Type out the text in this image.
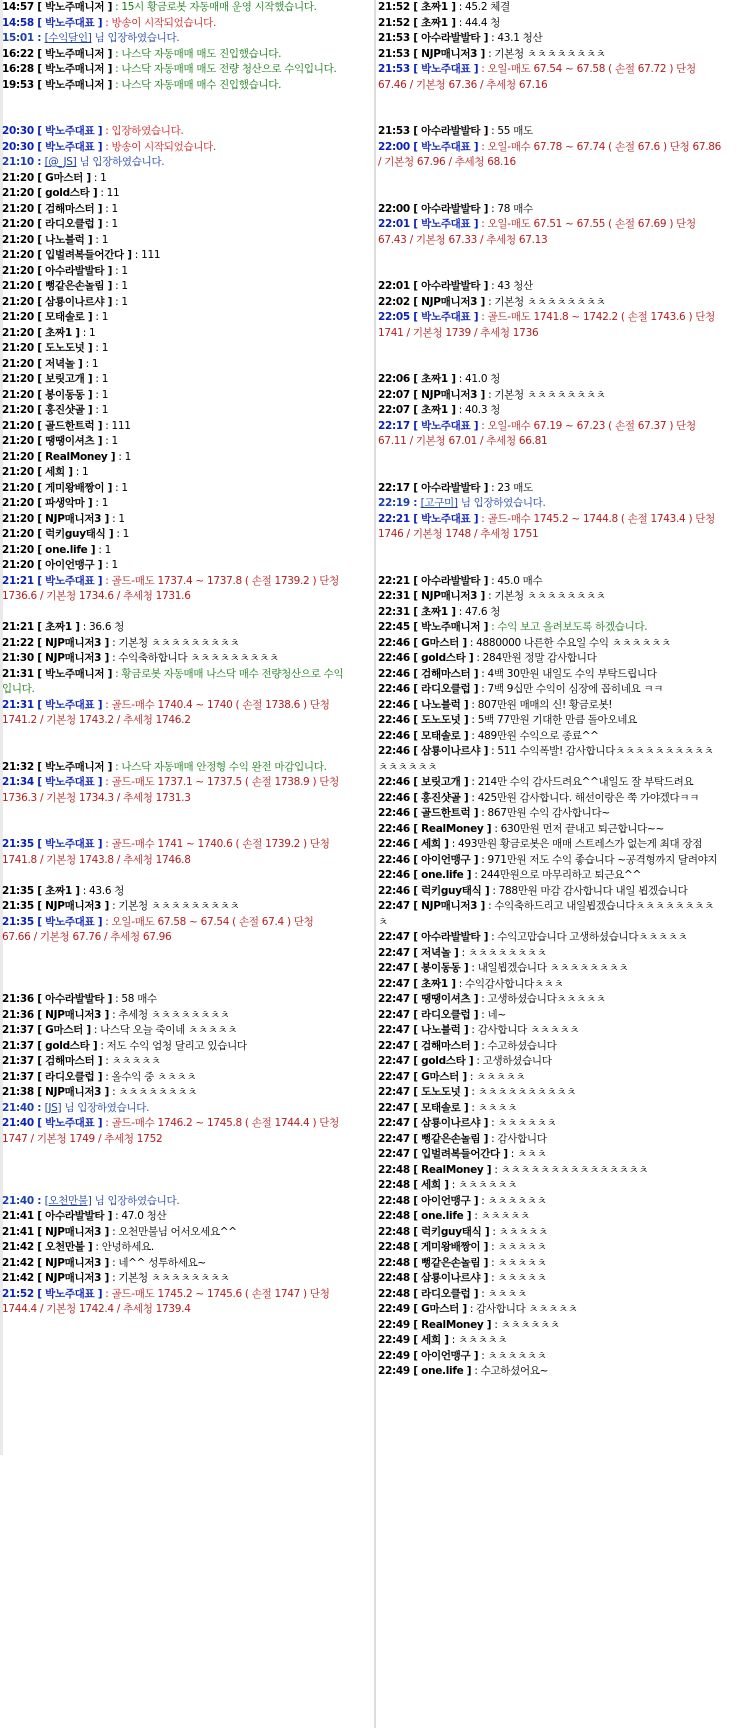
14:57 [ 박노주매니저 ] : 15시 황금로봇 자동매매 운영 시작했습니다.
14:58 [ 박노주대표 ] : 방송이 시작되었습니다.
15:01 : [수익달인] 님 입장하였습니다.
16:22 [ 박노주매니저 ] : 나스닥 자동매매 매도 진입했습니다.
16:28 [ 박노주매니저 ] : 나스닥 자동매매 매도 전량 청산으로 수익입니다.
19:53 [ 박노주매니저 ] : 나스닥 자동매매 매수 진입했습니다.
20:30 [ 박노주대표 ] : 입장하였습니다.
20:30 [ 박노주대표 ] : 방송이 시작되었습니다.
21:10 : [@_JS] 님 입장하였습니다.
21:20 [ G마스터 ] : 1
21:20 [ gold스타 ] : 11
21:20 [ 검해마스터 ] : 1
21:20 [ 라디오클럽 ] : 1
21:20 [ 나노블럭 ] : 1
21:20 [ 입벌려복들어간다 ] : 111
21:20 [ 아수라발발타 ] : 1
21:20 [ 뻥같은손놀림 ] : 1
21:20 [ 삼룡이나르샤 ] : 1
21:20 [ 모태솔로 ] : 1
21:20 [ 초짜1 ] : 1
21:20 [ 도노도넛 ] : 1
21:20 [ 저녁놀 ] : 1
21:20 [ 보릿고개 ] : 1
21:20 [ 봉이동동 ] : 1
21:20 [ 홍진샷골 ] : 1
21:20 [ 골드한트럭 ] : 111
21:20 [ 땡땡이셔츠 ] : 1
21:20 [ RealMoney ] : 1
21:20 [ 세희 ] : 1
21:20 [ 게미왕배짱이 ] : 1
21:20 [ 파생악마 ] : 1
21:20 [ NJP매니저3 ] : 1
21:20 [ 럭키guy태식 ] : 1
21:20 [ one.life ] : 1
21:20 [ 아이언맹구 ] : 1
21:21 [ 박노주대표 ] : 골드-매도 1737.4 ~ 1737.8 ( 손절 1739.2 ) 단청 1736.6 / 기본청 1734.6 / 추세청 1731.6
21:21 [ 초짜1 ] : 36.6 청
21:22 [ NJP매니저3 ] : 기본청 ㅊㅊㅊㅊㅊㅊㅊㅊㅊ
21:30 [ NJP매니저3 ] : 수익축하합니다 ㅊㅊㅊㅊㅊㅊㅊㅊㅊ
21:31 [ 박노주매니저 ] : 황금로봇 자동매매 나스닥 매수 전량청산으로 수익입니다.
21:31 [ 박노주대표 ] : 골드-매수 1740.4 ~ 1740 ( 손절 1738.6 ) 단청 1741.2 / 기본청 1743.2 / 추세청 1746.2
21:32 [ 박노주매니저 ] : 나스닥 자동매매 안정형 수익 완전 마감입니다.
21:34 [ 박노주대표 ] : 골드-매도 1737.1 ~ 1737.5 ( 손절 1738.9 ) 단청 1736.3 / 기본청 1734.3 / 추세청 1731.3
21:35 [ 박노주대표 ] : 골드-매수 1741 ~ 1740.6 ( 손절 1739.2 ) 단청 1741.8 / 기본청 1743.8 / 추세청 1746.8
21:35 [ 초짜1 ] : 43.6 청
21:35 [ NJP매니저3 ] : 기본청 ㅊㅊㅊㅊㅊㅊㅊㅊㅊ
21:35 [ 박노주대표 ] : 오일-매도 67.58 ~ 67.54 ( 손절 67.4 ) 단청 67.66 / 기본청 67.76 / 추세청 67.96
21:36 [ 아수라발발타 ] : 58 매수
21:36 [ NJP매니저3 ] : 추세청 ㅊㅊㅊㅊㅊㅊㅊㅊ
21:37 [ G마스터 ] : 나스닥 오늘 죽이네 ㅊㅊㅊㅊㅊ
21:37 [ gold스타 ] : 저도 수익 엄청 달리고 있습니다
21:37 [ 검해마스터 ] : ㅊㅊㅊㅊㅊ
21:37 [ 라디오클럽 ] : 올수익 중 ㅊㅊㅊㅊ
21:38 [ NJP매니저3 ] : ㅊㅊㅊㅊㅊㅊㅊㅊ
21:40 : [JS] 님 입장하였습니다.
21:40 [ 박노주대표 ] : 골드-매수 1746.2 ~ 1745.8 ( 손절 1744.4 ) 단청 1747 / 기본청 1749 / 추세청 1752
21:40 : [오천만불] 님 입장하였습니다.
21:41 [ 아수라발발타 ] : 47.0 청산
21:41 [ NJP매니저3 ] : 오천만불님 어서오세요^^
21:42 [ 오천만불 ] : 안녕하세요.
21:42 [ NJP매니저3 ] : 네^^ 성투하세요~
21:42 [ NJP매니저3 ] : 기본청 ㅊㅊㅊㅊㅊㅊㅊㅊ
21:52 [ 박노주대표 ] : 골드-매도 1745.2 ~ 1745.6 ( 손절 1747 ) 단청 1744.4 / 기본청 1742.4 / 추세청 1739.4
21:52 [ 초짜1 ] : 45.2 체결
21:52 [ 초짜1 ] : 44.4 청
21:53 [ 아수라발발타 ] : 43.1 청산
21:53 [ NJP매니저3 ] : 기본청 ㅊㅊㅊㅊㅊㅊㅊㅊ
21:53 [ 박노주대표 ] : 오일-매도 67.54 ~ 67.58 ( 손절 67.72 ) 단청 67.46 / 기본청 67.36 / 추세청 67.16
21:53 [ 아수라발발타 ] : 55 매도
22:00 [ 박노주대표 ] : 오일-매수 67.78 ~ 67.74 ( 손절 67.6 ) 단청 67.86 / 기본청 67.96 / 추세청 68.16
22:00 [ 아수라발발타 ] : 78 매수
22:01 [ 박노주대표 ] : 오일-매도 67.51 ~ 67.55 ( 손절 67.69 ) 단청 67.43 / 기본청 67.33 / 추세청 67.13
22:01 [ 아수라발발타 ] : 43 청산
22:02 [ NJP매니저3 ] : 기본청 ㅊㅊㅊㅊㅊㅊㅊㅊ
22:05 [ 박노주대표 ] : 골드-매도 1741.8 ~ 1742.2 ( 손절 1743.6 ) 단청 1741 / 기본청 1739 / 추세청 1736
22:06 [ 초짜1 ] : 41.0 청
22:07 [ NJP매니저3 ] : 기본청 ㅊㅊㅊㅊㅊㅊㅊㅊ
22:07 [ 초짜1 ] : 40.3 청
22:17 [ 박노주대표 ] : 오일-매수 67.19 ~ 67.23 ( 손절 67.37 ) 단청 67.11 / 기본청 67.01 / 추세청 66.81
22:17 [ 아수라발발타 ] : 23 매도
22:19 : [고구미] 님 입장하였습니다.
22:21 [ 박노주대표 ] : 골드-매수 1745.2 ~ 1744.8 ( 손절 1743.4 ) 단청 1746 / 기본청 1748 / 추세청 1751
22:21 [ 아수라발발타 ] : 45.0 매수
22:31 [ NJP매니저3 ] : 기본청 ㅊㅊㅊㅊㅊㅊㅊㅊ
22:31 [ 초짜1 ] : 47.6 청
22:45 [ 박노주매니저 ] : 수익 보고 올려보도록 하겠습니다.
22:46 [ G마스터 ] : 4880000 나른한 수요일 수익 ㅊㅊㅊㅊㅊㅊ
22:46 [ gold스타 ] : 284만원 정말 감사합니다
22:46 [ 검해마스터 ] : 4백 30만원 내일도 수익 부탁드립니다
22:46 [ 라디오클럽 ] : 7백 9십만 수익이 심장에 꼽히네요 ㅋㅋ
22:46 [ 나노블럭 ] : 807만원 매매의 신! 황금로봇!
22:46 [ 도노도넛 ] : 5백 77만원 기대한 만큼 돌아오네요
22:46 [ 모태솔로 ] : 489만원 수익으로 종료^^
22:46 [ 삼룡이나르샤 ] : 511 수익폭발! 감사합니다ㅊㅊㅊㅊㅊㅊㅊㅊㅊㅊㅊㅊㅊㅊㅊㅊ
22:46 [ 보릿고개 ] : 214만 수익 감사드려요^^내일도 잘 부탁드려요
22:46 [ 홍진샷골 ] : 425만원 감사합니다. 해선이랑은 쭉 가야겠다ㅋㅋ
22:46 [ 골드한트럭 ] : 867만원 수익 감사합니다~
22:46 [ RealMoney ] : 630만원 먼저 끝내고 퇴근합니다~~
22:46 [ 세희 ] : 493만원 황금로봇은 매매 스트레스가 없는게 최대 장점
22:46 [ 아이언맹구 ] : 971만원 저도 수익 좋습니다 ~공격형까지 달려야지
22:46 [ one.life ] : 244만원으로 마무리하고 퇴근요^^
22:46 [ 럭키guy태식 ] : 788만원 마감 감사합니다 내일 뵙겠습니다
22:47 [ NJP매니저3 ] : 수익축하드리고 내일뵙겠습니다ㅊㅊㅊㅊㅊㅊㅊㅊㅊ
22:47 [ 아수라발발타 ] : 수익고맙습니다 고생하셨습니다ㅊㅊㅊㅊㅊ
22:47 [ 저녁놀 ] : ㅊㅊㅊㅊㅊㅊㅊㅊ
22:47 [ 봉이동동 ] : 내일뵙겠습니다 ㅊㅊㅊㅊㅊㅊㅊㅊ
22:47 [ 초짜1 ] : 수익감사합니다ㅊㅊㅊ
22:47 [ 땡땡이셔츠 ] : 고생하셨습니다ㅊㅊㅊㅊㅊ
22:47 [ 라디오클럽 ] : 네~
22:47 [ 나노블럭 ] : 감사합니다 ㅊㅊㅊㅊㅊ
22:47 [ 검해마스터 ] : 수고하셨습니다
22:47 [ gold스타 ] : 고생하셨습니다
22:47 [ G마스터 ] : ㅊㅊㅊㅊㅊ
22:47 [ 도노도넛 ] : ㅊㅊㅊㅊㅊㅊㅊㅊㅊㅊ
22:47 [ 모태솔로 ] : ㅊㅊㅊㅊ
22:47 [ 삼룡이나르샤 ] : ㅊㅊㅊㅊㅊㅊ
22:47 [ 뻥같은손놀림 ] : 감사합니다
22:47 [ 입벌려복들어간다 ] : ㅊㅊㅊ
22:48 [ RealMoney ] : ㅊㅊㅊㅊㅊㅊㅊㅊㅊㅊㅊㅊㅊㅊㅊ
22:48 [ 세희 ] : ㅊㅊㅊㅊㅊㅊ
22:48 [ 아이언맹구 ] : ㅊㅊㅊㅊㅊㅊ
22:48 [ one.life ] : ㅊㅊㅊㅊㅊ
22:48 [ 럭키guy태식 ] : ㅊㅊㅊㅊㅊ
22:48 [ 게미왕배짱이 ] : ㅊㅊㅊㅊㅊ
22:48 [ 뻥같은손놀림 ] : ㅊㅊㅊㅊㅊ
22:48 [ 삼룡이나르샤 ] : ㅊㅊㅊㅊㅊ
22:48 [ 라디오클럽 ] : ㅊㅊㅊㅊ
22:49 [ G마스터 ] : 감사합니다 ㅊㅊㅊㅊㅊ
22:49 [ RealMoney ] : ㅊㅊㅊㅊㅊㅊ
22:49 [ 세희 ] : ㅊㅊㅊㅊㅊ
22:49 [ 아이언맹구 ] : ㅊㅊㅊㅊㅊㅊ
22:49 [ one.life ] : 수고하셨어요~
